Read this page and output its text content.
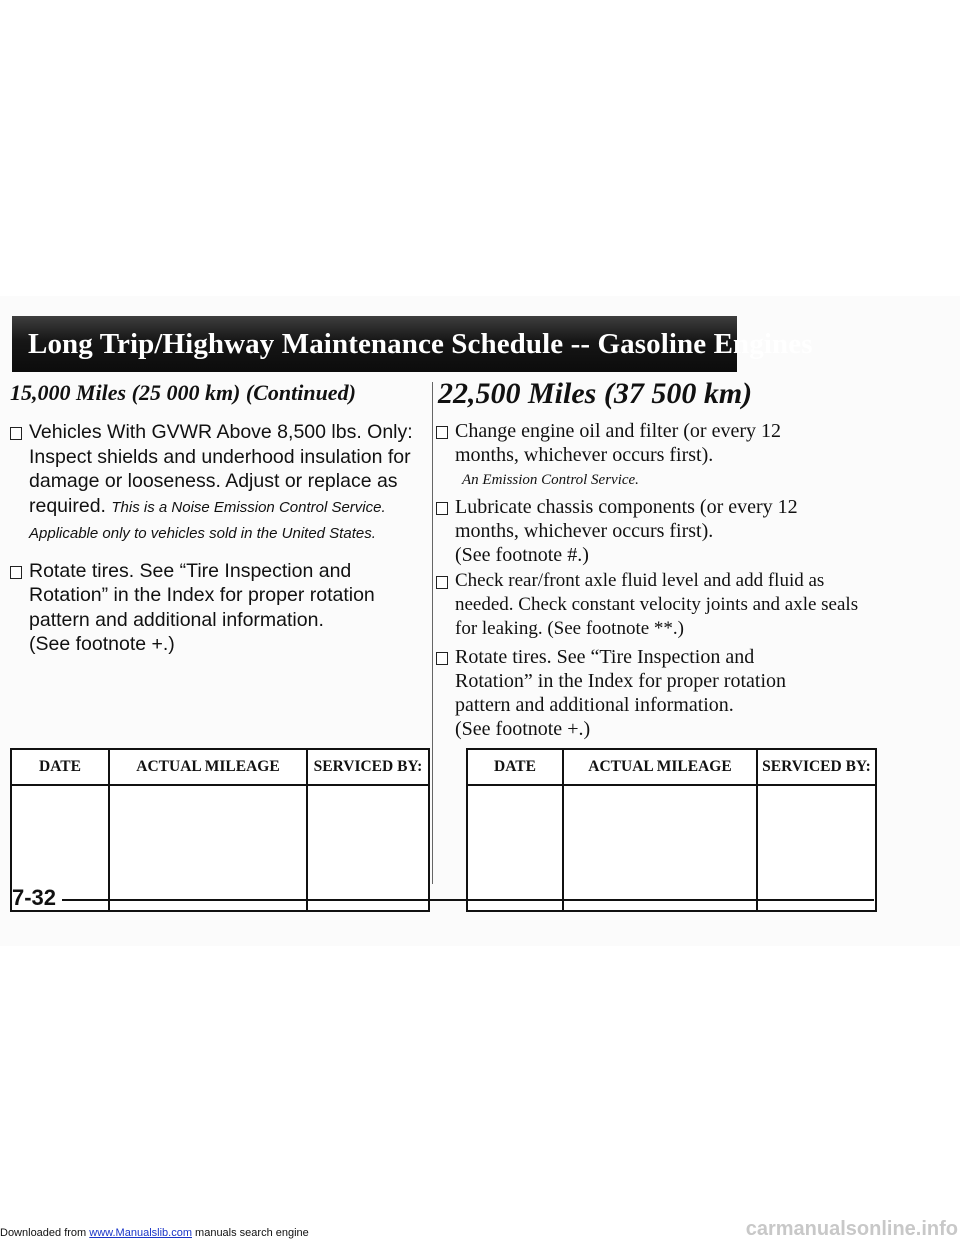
Long Trip/Highway Maintenance Schedule -- Gasoline Engines

15,000 Miles (25 000 km) (Continued)

Vehicles With GVWR Above 8,500 lbs. Only: Inspect shields and underhood insulation for damage or looseness. Adjust or replace as required. This is a Noise Emission Control Service. Applicable only to vehicles sold in the United States.
Rotate tires. See “Tire Inspection and Rotation” in the Index for proper rotation pattern and additional information.
(See footnote +.)

22,500 Miles (37 500 km)

Change engine oil and filter (or every 12 months, whichever occurs first).
An Emission Control Service.
Lubricate chassis components (or every 12 months, whichever occurs first).
(See footnote #.)
Check rear/front axle fluid level and add fluid as needed. Check constant velocity joints and axle seals for leaking. (See footnote **.)
Rotate tires. See “Tire Inspection and Rotation” in the Index for proper rotation pattern and additional information.
(See footnote +.)
DATE	ACTUAL MILEAGE	SERVICED BY:
			DATE	ACTUAL MILEAGE	SERVICED BY:

7-32
Downloaded from www.Manualslib.com manuals search engine	carmanualsonline.info
